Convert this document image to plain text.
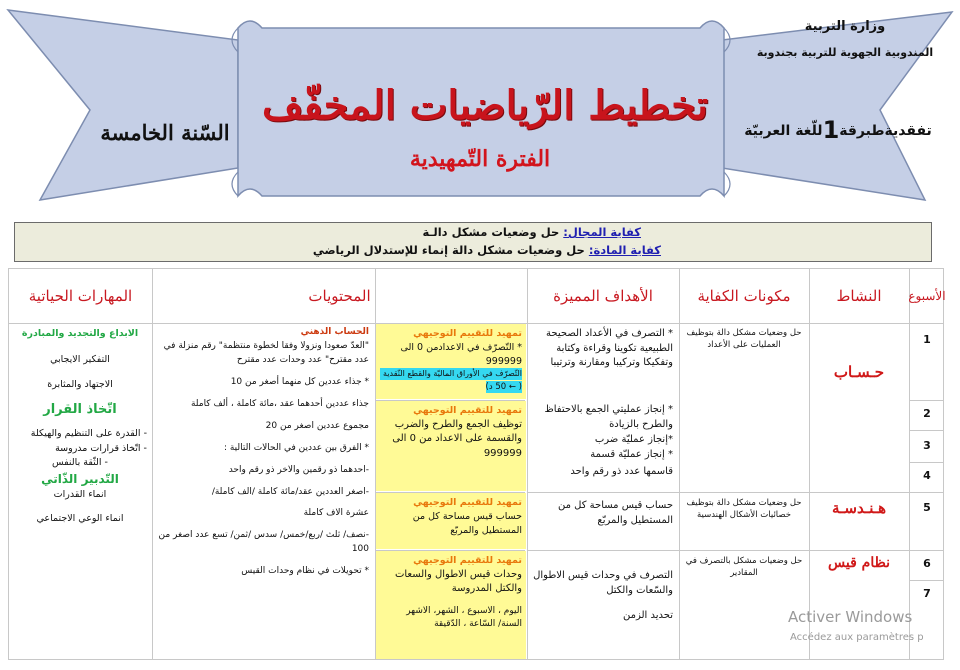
وزارة التربية
المندوبية الجهوية للتربية بجندوبة
تفقديةطبرقة1للّغة العربيّة
السّنة الخامسة
تخطيط الرّياضيات المخفّف
الفترة التّمهيدية
كفاية المجال: حل وضعيات مشكل دالـة
كفاية المادة: حل وضعيات مشكل دالة إنماء للإستدلال الرياضي
الأسبوع
النشاط
مكونات الكفاية
الأهداف المميزة
المحتويات
المهارات الحياتية
1
2
3
4
5
6
7
حـسـاب
هـنـدسـة
نظام قيس
حل وضعيات مشكل دالة بتوظيف العمليات على الأعداد
حل وضعيات مشكل دالة بتوظيف خصائيات الأشكال الهندسية
حل وضعيات مشكل بالتصرف في المقادير
* التصرف في الأعداد الصحيحة الطبيعية تكوينا وقراءة وكتابة وتفكيكا وتركيبا ومقارنة وترتيبا
* إنجاز عمليتي الجمع بالاحتفاظ والطرح بالزيادة
*إنجاز عمليّة ضرب
* إنجاز عمليّة قسمة
قاسمها عدد ذو رقم واحد
حساب قيس مساحة كل من المستطيل والمربّع
التصرف في وحدات قيس الاطوال والسّعات والكتل
تحديد الزمن
تمهيد للتقييم التوجيهي
* التّصرّف في الاعدادمن 0 الى 999999
التّصرّف في الأوراق الماليّة والقطع النّقدية
( ← 50 د)
تمهيد للتقييم التوجيهي
توظيف الجمع والطرح والضرب والقسمة على الاعداد من 0 الى 999999
تمهيد للتقييم التوجيهي
حساب قيس مساحة كل من المستطيل والمربّع
تمهيد للتقييم التوجيهي
وحدات قيس الاطوال والسعات والكتل المدروسة
اليوم ، الاسبوع ، الشهر، الاشهر السنة/ السّاعة ، الدّقيقة
الحساب الذهني
"العدّ صعودا ونزولا وفقا لخطوة منتظمة" رقم منزلة في عدد مقترح" عدد وحدات عدد مقترح
* جذاء عددين كل منهما أصغر من 10
جذاء عددين أحدهما عقد ،مائة كاملة ، ألف كاملة
مجموع عددين اصغر من 20
* الفرق بين عددين في الحالات التالية :
-احدهما ذو رقمين والاخر ذو رقم واحد
-اصغر العددين عقد/مائة كاملة /الف كاملة/
عشرة الاف كاملة
-نصف/ ثلث /ربع/خمس/ سدس /ثمن/ تسع عدد اصغر من 100
* تحويلات في نظام وحدات القيس
الابداع والتجديد والمبادرة
التفكير الايجابي
الاجتهاد والمثابرة
اتّخاذ القرار
- القدرة على التنظيم والهيكلة
- اتّخاذ قرارات مدروسة
- الثّقة بالنفس
التّدبير الذّاتي
انماء القدرات
انماء الوعي الاجتماعي
Activer Windows
Accédez aux paramètres p
